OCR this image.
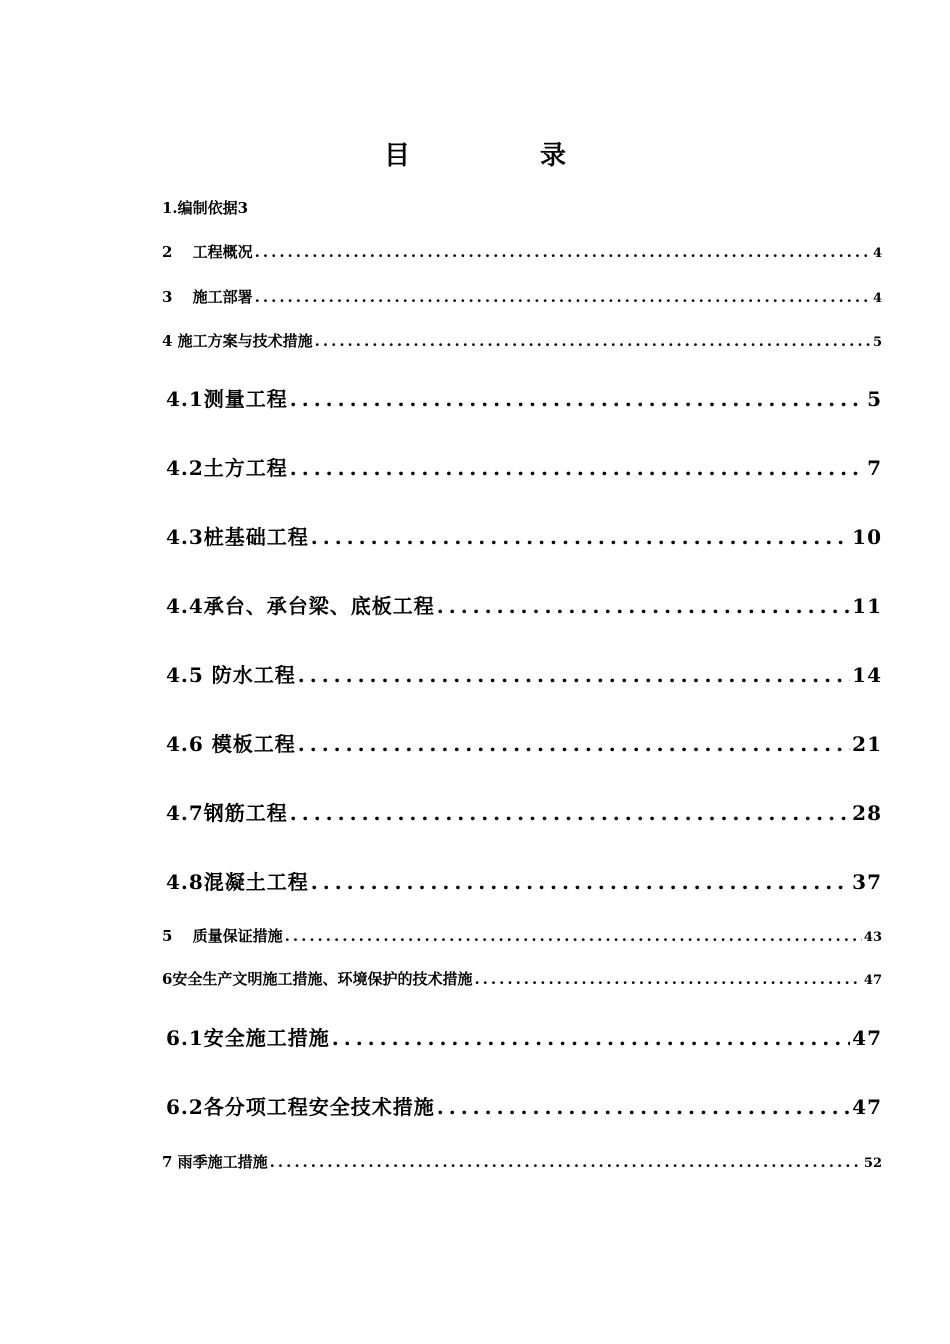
目　录
1.编制依据3
2　 工程概况 .....	4
3　 施工部署 .....	4
4 施工方案与技术措施 .....	5
4.1测量工程 .....	5
4.2土方工程 .....	7
4.3桩基础工程 .....	10
4.4承台、承台梁、底板工程 .....	11
4.5 防水工程 .....	14
4.6 模板工程 .....	21
4.7钢筋工程 .....	28
4.8混凝土工程 .....	37
5　 质量保证措施 .....	43
6安全生产文明施工措施、环境保护的技术措施 .....	47
6.1安全施工措施 .....	47
6.2各分项工程安全技术措施 .....	47
7 雨季施工措施 .....	52
